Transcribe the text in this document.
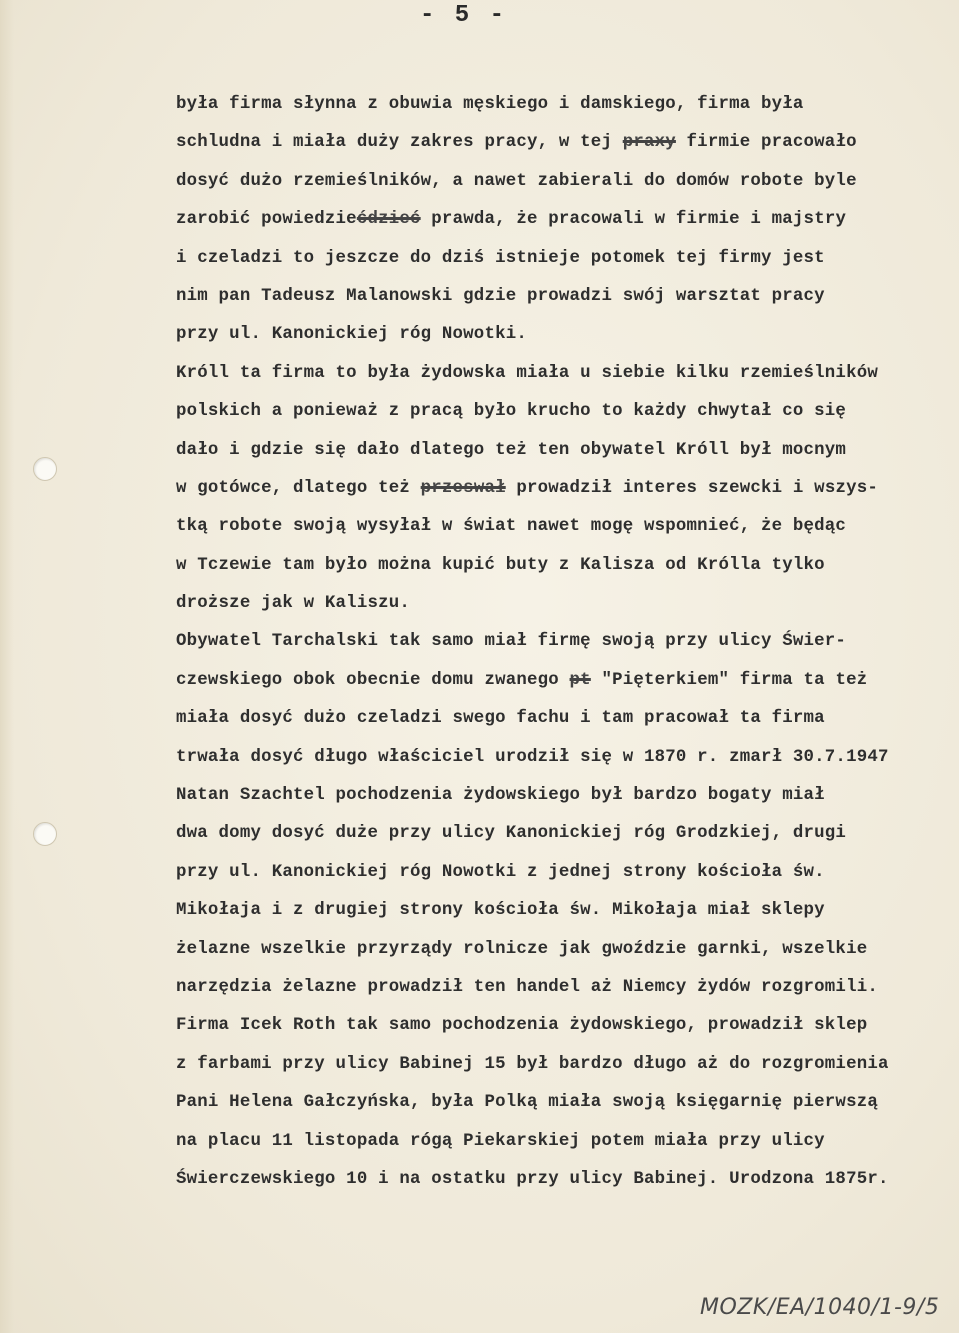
- 5 -
była firma słynna z obuwia męskiego i damskiego, firma była
schludna i miała duży zakres pracy, w tej praxy firmie pracowało
dosyć dużo rzemieślników, a nawet zabierali do domów robote byle
zarobić powiedziećdzieć prawda, że pracowali w firmie i majstry
i czeladzi to jeszcze do dziś istnieje potomek tej firmy jest
nim pan Tadeusz Malanowski gdzie prowadzi swój warsztat pracy
przy ul. Kanonickiej róg Nowotki.
Króll ta firma to była żydowska miała u siebie kilku rzemieślników
polskich a ponieważ z pracą było krucho to każdy chwytał co się
dało i gdzie się dało dlatego też ten obywatel Króll był mocnym
w gotówce, dlatego też przeswał prowadził interes szewcki i wszys-
tką robote swoją wysyłał w świat nawet mogę wspomnieć, że będąc
w Tczewie tam było można kupić buty z Kalisza od Królla tylko
droższe jak w Kaliszu.
Obywatel Tarchalski tak samo miał firmę swoją przy ulicy Świer-
czewskiego obok obecnie domu zwanego pt "Pięterkiem" firma ta też
miała dosyć dużo czeladzi swego fachu i tam pracował ta firma
trwała dosyć długo właściciel urodził się w 1870 r. zmarł 30.7.1947
Natan Szachtel pochodzenia żydowskiego był bardzo bogaty miał
dwa domy dosyć duże przy ulicy Kanonickiej róg Grodzkiej, drugi
przy ul. Kanonickiej róg Nowotki z jednej strony kościoła św.
Mikołaja i z drugiej strony kościoła św. Mikołaja miał sklepy
żelazne wszelkie przyrządy rolnicze jak gwoździe garnki, wszelkie
narzędzia żelazne prowadził ten handel aż Niemcy żydów rozgromili.
Firma Icek Roth tak samo pochodzenia żydowskiego, prowadził sklep
z farbami przy ulicy Babinej 15 był bardzo długo aż do rozgromienia
Pani Helena Gałczyńska, była Polką miała swoją księgarnię pierwszą
na placu 11 listopada rógą Piekarskiej potem miała przy ulicy
Świerczewskiego 10 i na ostatku przy ulicy Babinej. Urodzona 1875r.
MOZK/EA/1040/1-9/5
